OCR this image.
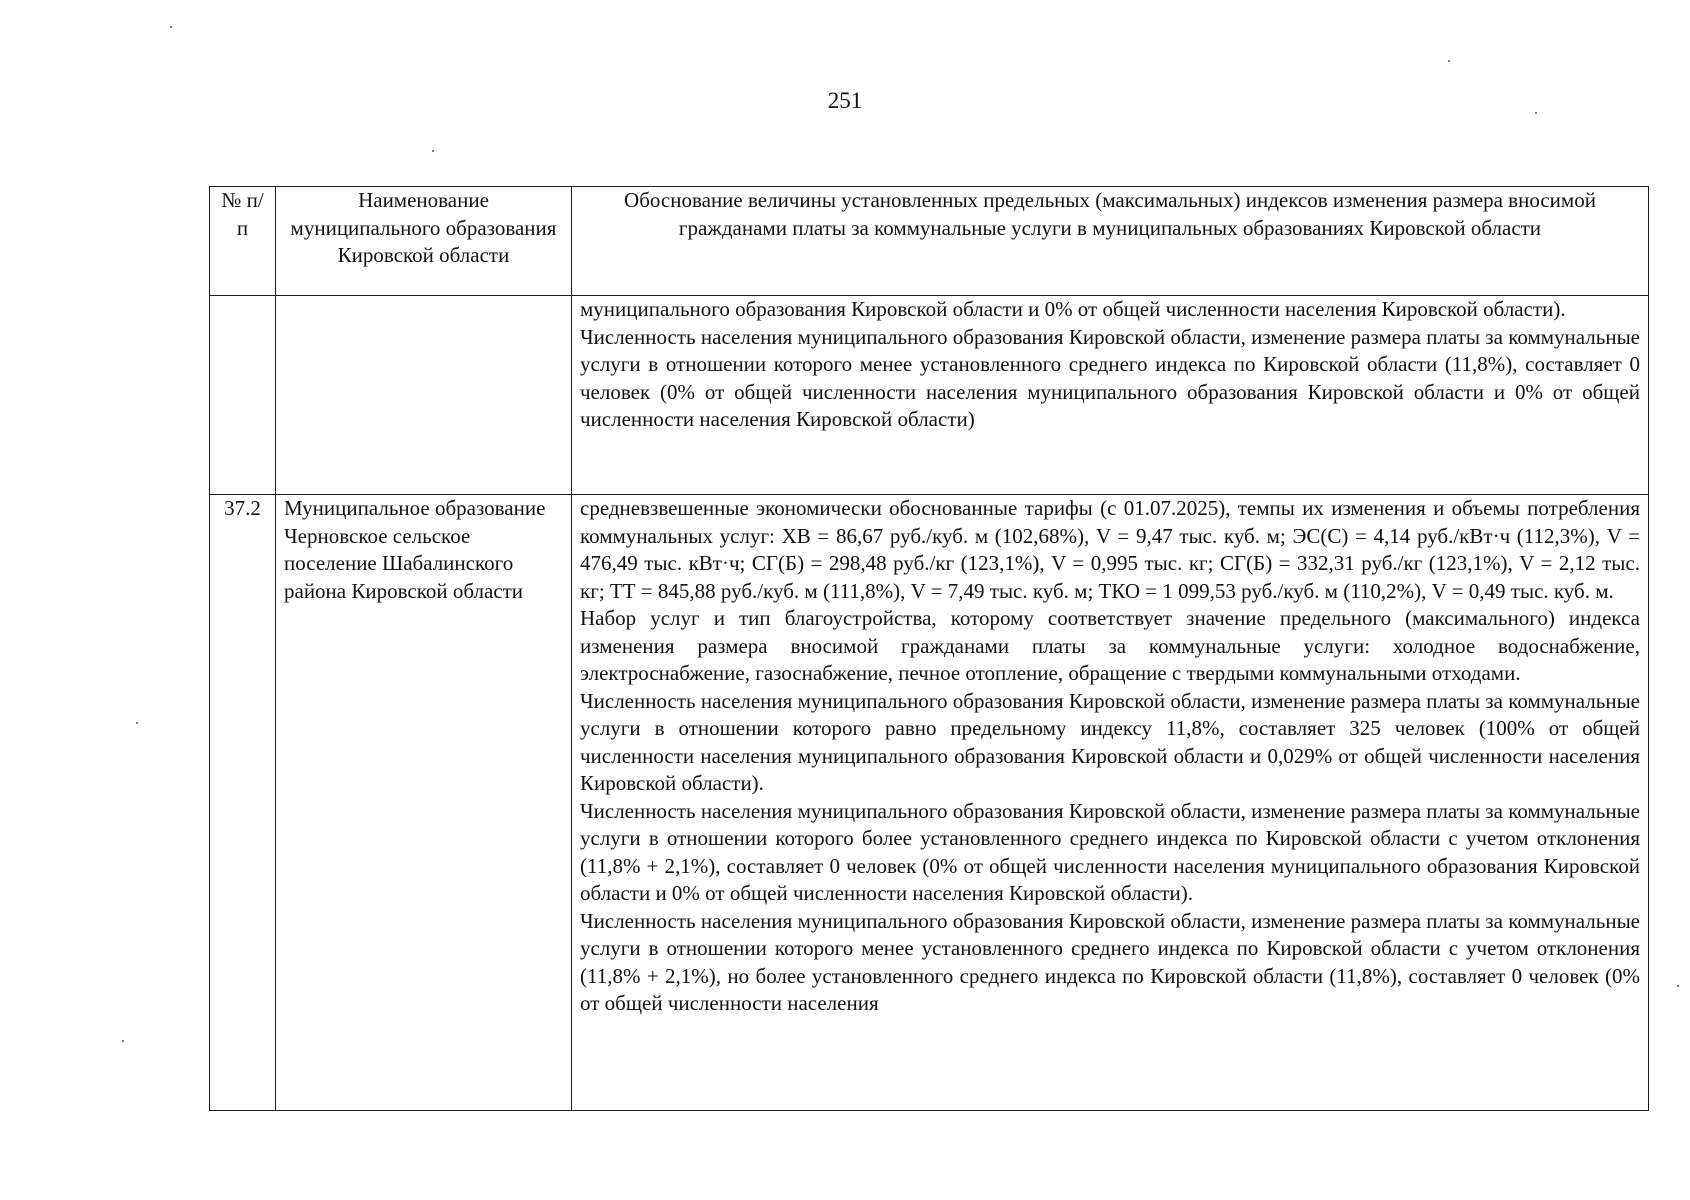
251
№ п/п	Наименование муниципального образования Кировской области	Обоснование величины установленных предельных (максимальных) индексов изменения размера вносимой гражданами платы за коммунальные услуги в муниципальных образованиях Кировской области

		муниципального образования Кировской области и 0% от общей численности населения Кировской области).

Численность населения муниципального образования Кировской области, изменение размера платы за коммунальные услуги в отношении которого менее установленного среднего индекса по Кировской области (11,8%), составляет 0 человек (0% от общей численности населения муниципального образования Кировской области и 0% от общей численности населения Кировской области)

37.2	Муниципальное образование Черновское сельское поселение Шабалинского района Кировской области	средневзвешенные экономически обоснованные тарифы (с 01.07.2025), темпы их изменения и объемы потребления коммунальных услуг: ХВ = 86,67 руб./куб. м (102,68%), V = 9,47 тыс. куб. м; ЭС(С) = 4,14 руб./кВт·ч (112,3%), V = 476,49 тыс. кВт·ч; СГ(Б) = 298,48 руб./кг (123,1%), V = 0,995 тыс. кг; СГ(Б) = 332,31 руб./кг (123,1%), V = 2,12 тыс. кг; ТТ = 845,88 руб./куб. м (111,8%), V = 7,49 тыс. куб. м; ТКО = 1 099,53 руб./куб. м (110,2%), V = 0,49 тыс. куб. м.

Набор услуг и тип благоустройства, которому соответствует значение предельного (максимального) индекса изменения размера вносимой гражданами платы за коммунальные услуги: холодное водоснабжение, электроснабжение, газоснабжение, печное отопление, обращение с твердыми коммунальными отходами.

Численность населения муниципального образования Кировской области, изменение размера платы за коммунальные услуги в отношении которого равно предельному индексу 11,8%, составляет 325 человек (100% от общей численности населения муниципального образования Кировской области и 0,029% от общей численности населения Кировской области).

Численность населения муниципального образования Кировской области, изменение размера платы за коммунальные услуги в отношении которого более установленного среднего индекса по Кировской области с учетом отклонения (11,8% + 2,1%), составляет 0 человек (0% от общей численности населения муниципального образования Кировской области и 0% от общей численности населения Кировской области).

Численность населения муниципального образования Кировской области, изменение размера платы за коммунальные услуги в отношении которого менее установленного среднего индекса по Кировской области с учетом отклонения (11,8% + 2,1%), но более установленного среднего индекса по Кировской области (11,8%), составляет 0 человек (0% от общей численности населения
